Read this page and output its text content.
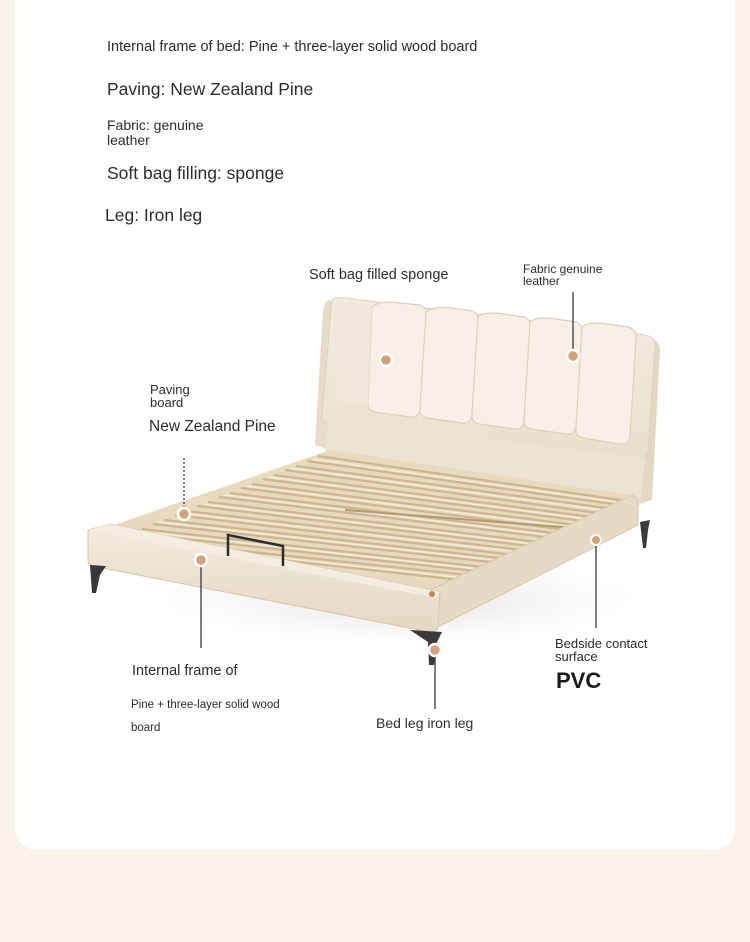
Internal frame of bed: Pine + three-layer solid wood board
Paving: New Zealand Pine
Fabric: genuine leather
Soft bag filling: sponge
Leg: Iron leg
Soft bag filled sponge	Fabric genuine leather
Paving board
New Zealand Pine
Internal frame of
Pine + three-layer solid wood board	Bed leg iron leg
Bedside contact surface
PVC
